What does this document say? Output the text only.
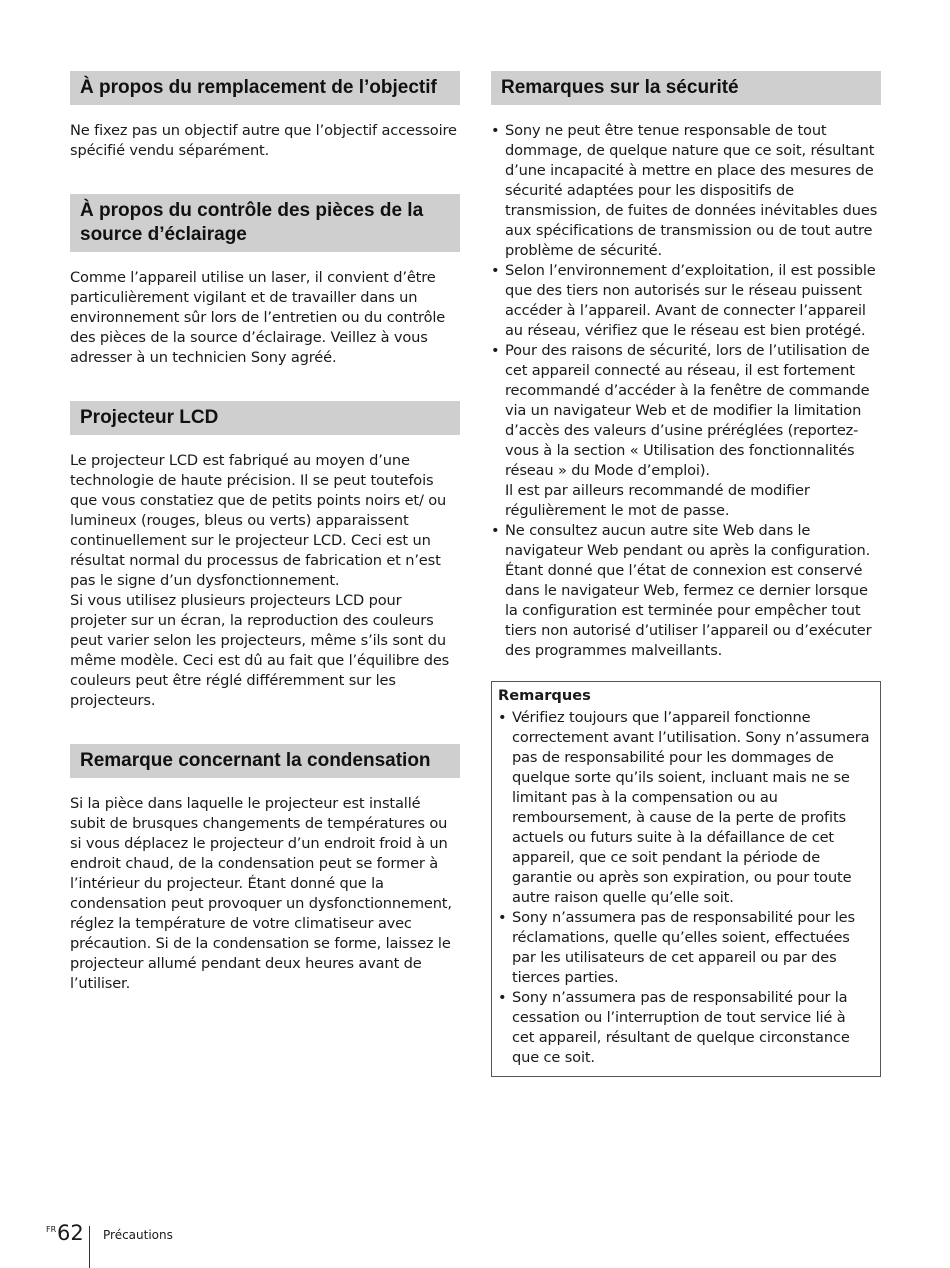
À propos du remplacement de l’objectif

Ne fixez pas un objectif autre que l’objectif accessoire spécifié vendu séparément.

À propos du contrôle des pièces de la source d’éclairage

Comme l’appareil utilise un laser, il convient d’être particulièrement vigilant et de travailler dans un environnement sûr lors de l’entretien ou du contrôle des pièces de la source d’éclairage. Veillez à vous adresser à un technicien Sony agréé.

Projecteur LCD

Le projecteur LCD est fabriqué au moyen d’une technologie de haute précision. Il se peut toutefois que vous constatiez que de petits points noirs et/ ou lumineux (rouges, bleus ou verts) apparaissent continuellement sur le projecteur LCD. Ceci est un résultat normal du processus de fabrication et n’est pas le signe d’un dysfonctionnement.

Si vous utilisez plusieurs projecteurs LCD pour projeter sur un écran, la reproduction des couleurs peut varier selon les projecteurs, même s’ils sont du même modèle. Ceci est dû au fait que l’équilibre des couleurs peut être réglé différemment sur les projecteurs.

Remarque concernant la condensation

Si la pièce dans laquelle le projecteur est installé subit de brusques changements de températures ou si vous déplacez le projecteur d’un endroit froid à un endroit chaud, de la condensation peut se former à l’intérieur du projecteur. Étant donné que la condensation peut provoquer un dysfonctionnement, réglez la température de votre climatiseur avec précaution. Si de la condensation se forme, laissez le projecteur allumé pendant deux heures avant de l’utiliser.

Remarques sur la sécurité
• Sony ne peut être tenue responsable de tout dommage, de quelque nature que ce soit, résultant d’une incapacité à mettre en place des mesures de sécurité adaptées pour les dispositifs de transmission, de fuites de données inévitables dues aux spécifications de transmission ou de tout autre problème de sécurité.
• Selon l’environnement d’exploitation, il est possible que des tiers non autorisés sur le réseau puissent accéder à l’appareil. Avant de connecter l’appareil au réseau, vérifiez que le réseau est bien protégé.
• Pour des raisons de sécurité, lors de l’utilisation de cet appareil connecté au réseau, il est fortement recommandé d’accéder à la fenêtre de commande via un navigateur Web et de modifier la limitation d’accès des valeurs d’usine préréglées (reportez-vous à la section « Utilisation des fonctionnalités réseau » du Mode d’emploi).
Il est par ailleurs recommandé de modifier régulièrement le mot de passe.
• Ne consultez aucun autre site Web dans le navigateur Web pendant ou après la configuration. Étant donné que l’état de connexion est conservé dans le navigateur Web, fermez ce dernier lorsque la configuration est terminée pour empêcher tout tiers non autorisé d’utiliser l’appareil ou d’exécuter des programmes malveillants.
Remarques
• Vérifiez toujours que l’appareil fonctionne correctement avant l’utilisation. Sony n’assumera pas de responsabilité pour les dommages de quelque sorte qu’ils soient, incluant mais ne se limitant pas à la compensation ou au remboursement, à cause de la perte de profits actuels ou futurs suite à la défaillance de cet appareil, que ce soit pendant la période de garantie ou après son expiration, ou pour toute autre raison quelle qu’elle soit.
• Sony n’assumera pas de responsabilité pour les réclamations, quelle qu’elles soient, effectuées par les utilisateurs de cet appareil ou par des tierces parties.
• Sony n’assumera pas de responsabilité pour la cessation ou l’interruption de tout service lié à cet appareil, résultant de quelque circonstance que ce soit.
FR 62 Précautions
